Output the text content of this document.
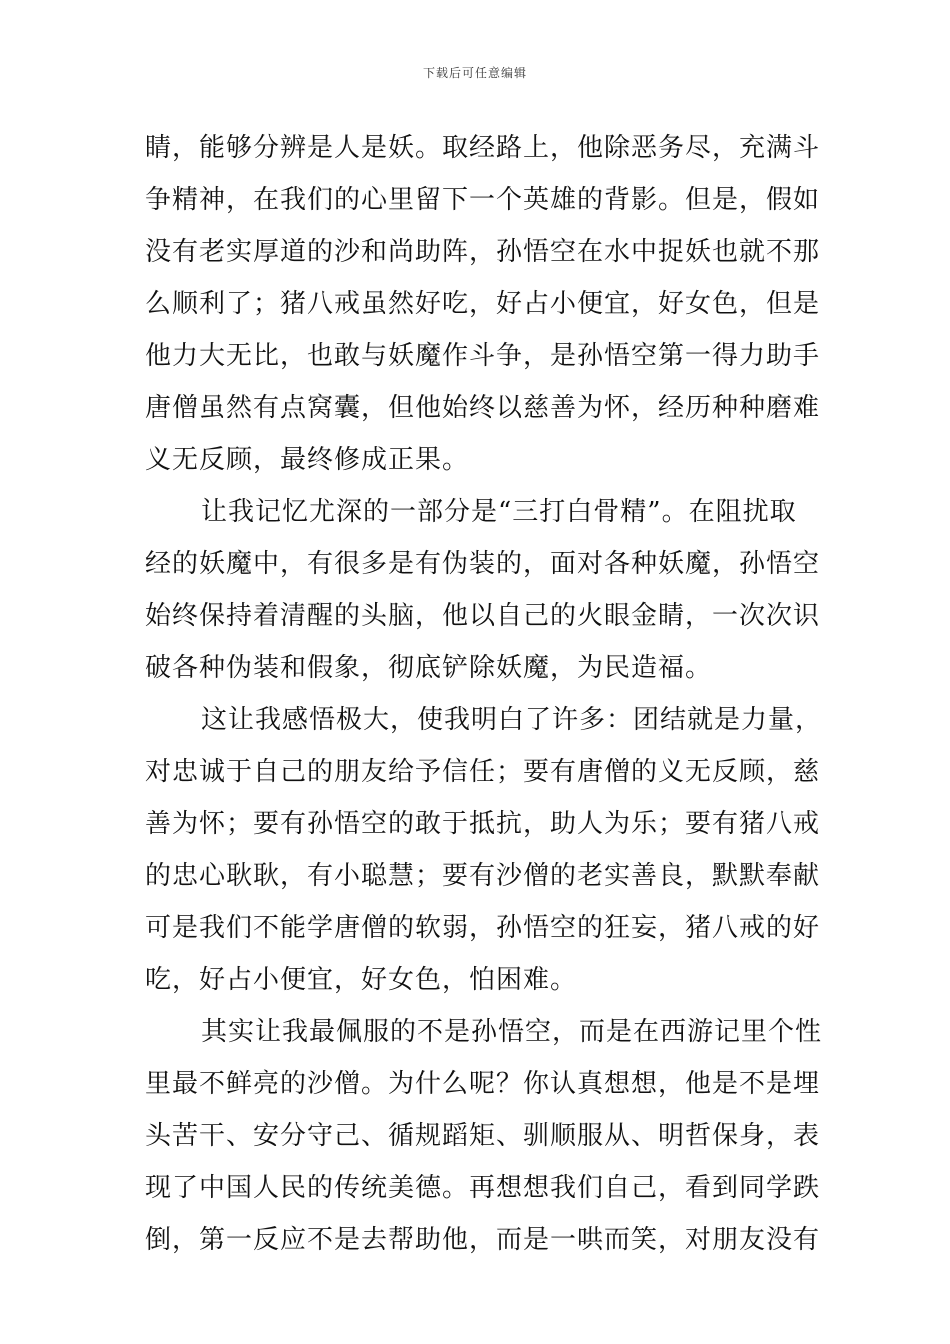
下载后可任意编辑
睛，能够分辨是人是妖。取经路上，他除恶务尽，充满斗
争精神，在我们的心里留下一个英雄的背影。但是，假如
没有老实厚道的沙和尚助阵，孙悟空在水中捉妖也就不那
么顺利了；猪八戒虽然好吃，好占小便宜，好女色，但是
他力大无比，也敢与妖魔作斗争，是孙悟空第一得力助手
唐僧虽然有点窝囊，但他始终以慈善为怀，经历种种磨难
义无反顾，最终修成正果。
让我记忆尤深的一部分是“三打白骨精”。在阻扰取
经的妖魔中，有很多是有伪装的，面对各种妖魔，孙悟空
始终保持着清醒的头脑，他以自己的火眼金睛，一次次识
破各种伪装和假象，彻底铲除妖魔，为民造福。
这让我感悟极大，使我明白了许多：团结就是力量，
对忠诚于自己的朋友给予信任；要有唐僧的义无反顾，慈
善为怀；要有孙悟空的敢于抵抗，助人为乐；要有猪八戒
的忠心耿耿，有小聪慧；要有沙僧的老实善良，默默奉献
可是我们不能学唐僧的软弱，孙悟空的狂妄，猪八戒的好
吃，好占小便宜，好女色，怕困难。
其实让我最佩服的不是孙悟空，而是在西游记里个性
里最不鲜亮的沙僧。为什么呢？你认真想想，他是不是埋
头苦干、安分守己、循规蹈矩、驯顺服从、明哲保身，表
现了中国人民的传统美德。再想想我们自己，看到同学跌
倒，第一反应不是去帮助他，而是一哄而笑，对朋友没有
